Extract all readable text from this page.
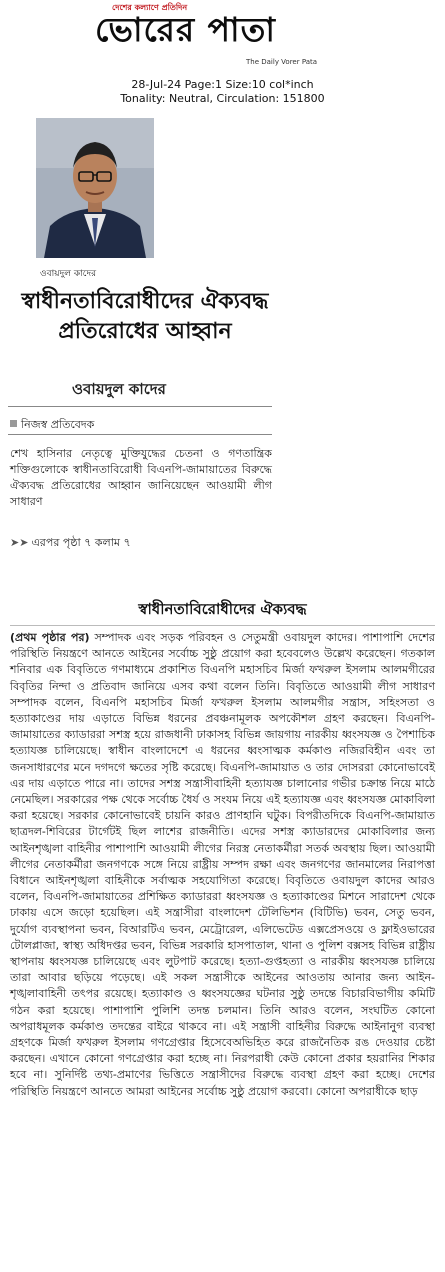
দেশের কল্যাণে প্রতিদিন
ভোরের পাতা
The Daily Vorer Pata
28-Jul-24 Page:1 Size:10 col*inch
Tonality: Neutral, Circulation: 151800
ওবায়দুল কাদের
স্বাধীনতাবিরোধীদের ঐক্যবদ্ধ প্রতিরোধের আহ্বান
ওবায়দুল কাদের
নিজস্ব প্রতিবেদক
শেখ হাসিনার নেতৃত্বে মুক্তিযুদ্ধের চেতনা ও গণতান্ত্রিক শক্তিগুলোকে স্বাধীনতাবিরোধী বিএনপি-জামায়াতের বিরুদ্ধে ঐক্যবদ্ধ প্রতিরোধের আহ্বান জানিয়েছেন আওয়ামী লীগ সাধারণ
➤➤ এরপর পৃষ্ঠা ৭ কলাম ৭
স্বাধীনতাবিরোধীদের ঐক্যবদ্ধ
(প্রথম পৃষ্ঠার পর) সম্পাদক এবং সড়ক পরিবহন ও সেতুমন্ত্রী ওবায়দুল কাদের। পাশাপাশি দেশের পরিস্থিতি নিয়ন্ত্রণে আনতে আইনের সর্বোচ্চ সুষ্ঠু প্রয়োগ করা হবেবলেও উল্লেখ করেছেন। গতকাল শনিবার এক বিবৃতিতে গণমাধ্যমে প্রকাশিত বিএনপি মহাসচিব মির্জা ফখরুল ইসলাম আলমগীরের বিবৃতির নিন্দা ও প্রতিবাদ জানিয়ে এসব কথা বলেন তিনি। বিবৃতিতে আওয়ামী লীগ সাধারণ সম্পাদক বলেন, বিএনপি মহাসচিব মির্জা ফখরুল ইসলাম আলমগীর সন্ত্রাস, সহিংসতা ও হত্যাকাণ্ডের দায় এড়াতে বিভিন্ন ধরনের প্রবঞ্চনামূলক অপকৌশল গ্রহণ করছেন। বিএনপি-জামায়াতের ক্যাডাররা সশস্ত্র হয়ে রাজধানী ঢাকাসহ বিভিন্ন জায়গায় নারকীয় ধ্বংসযজ্ঞ ও পৈশাচিক হত্যাযজ্ঞ চালিয়েছে। স্বাধীন বাংলাদেশে এ ধরনের ধ্বংসাত্মক কর্মকাণ্ড নজিরবিহীন এবং তা জনসাধারণের মনে দগদগে ক্ষতের সৃষ্টি করেছে। বিএনপি-জামায়াত ও তার দোসররা কোনোভাবেই এর দায় এড়াতে পারে না। তাদের সশস্ত্র সন্ত্রাসীবাহিনী হত্যাযজ্ঞ চালানোর গভীর চক্রান্ত নিয়ে মাঠে নেমেছিল। সরকারের পক্ষ থেকে সর্বোচ্চ ধৈর্য ও সংযম নিয়ে এই হত্যাযজ্ঞ এবং ধ্বংসযজ্ঞ মোকাবিলা করা হয়েছে। সরকার কোনোভাবেই চায়নি কারও প্রাণহানি ঘটুক। বিপরীতদিকে বিএনপি-জামায়াত ছাত্রদল-শিবিরের টার্গেটই ছিল লাশের রাজনীতি। এদের সশস্ত্র ক্যাডারদের মোকাবিলার জন্য আইনশৃঙ্খলা বাহিনীর পাশাপাশি আওয়ামী লীগের নিরস্ত্র নেতাকর্মীরা সতর্ক অবস্থায় ছিল। আওয়ামী লীগের নেতাকর্মীরা জনগণকে সঙ্গে নিয়ে রাষ্ট্রীয় সম্পদ রক্ষা এবং জনগণের জানমালের নিরাপত্তা বিধানে আইনশৃঙ্খলা বাহিনীকে সর্বাত্মক সহযোগিতা করেছে। বিবৃতিতে ওবায়দুল কাদের আরও বলেন, বিএনপি-জামায়াতের প্রশিক্ষিত ক্যাডাররা ধ্বংসযজ্ঞ ও হত্যাকাণ্ডের মিশনে সারাদেশ থেকে ঢাকায় এসে জড়ো হয়েছিল। এই সন্ত্রাসীরা বাংলাদেশ টেলিভিশন (বিটিভি) ভবন, সেতু ভবন, দুর্যোগ ব্যবস্থাপনা ভবন, বিআরটিএ ভবন, মেট্রোরেল, এলিভেটেড এক্সপ্রেসওয়ে ও ফ্লাইওভারের টোলপ্লাজা, স্বাস্থ্য অধিদপ্তর ভবন, বিভিন্ন সরকারি হাসপাতাল, থানা ও পুলিশ বক্সসহ বিভিন্ন রাষ্ট্রীয় স্থাপনায় ধ্বংসযজ্ঞ চালিয়েছে এবং লুটপাট করেছে। হত্যা-গুপ্তহত্যা ও নারকীয় ধ্বংসযজ্ঞ চালিয়ে তারা আবার ছড়িয়ে পড়েছে। এই সকল সন্ত্রাসীকে আইনের আওতায় আনার জন্য আইন-শৃঙ্খলাবাহিনী তৎপর রয়েছে। হত্যাকাণ্ড ও ধ্বংসযজ্ঞের ঘটনার সুষ্ঠু তদন্তে বিচারবিভাগীয় কমিটি গঠন করা হয়েছে। পাশাপাশি পুলিশি তদন্ত চলমান। তিনি আরও বলেন, সংঘটিত কোনো অপরাধমূলক কর্মকাণ্ড তদন্তের বাইরে থাকবে না। এই সন্ত্রাসী বাহিনীর বিরুদ্ধে আইনানুগ ব্যবস্থা গ্রহণকে মির্জা ফখরুল ইসলাম গণগ্রেপ্তার হিসেবেঅভিহিত করে রাজনৈতিক রঙ দেওয়ার চেষ্টা করছেন। এখানে কোনো গণগ্রেপ্তার করা হচ্ছে না। নিরপরাধী কেউ কোনো প্রকার হয়রানির শিকার হবে না। সুনির্দিষ্ট তথ্য-প্রমাণের ভিত্তিতে সন্ত্রাসীদের বিরুদ্ধে ব্যবস্থা গ্রহণ করা হচ্ছে। দেশের পরিস্থিতি নিয়ন্ত্রণে আনতে আমরা আইনের সর্বোচ্চ সুষ্ঠু প্রয়োগ করবো। কোনো অপরাধীকে ছাড়
